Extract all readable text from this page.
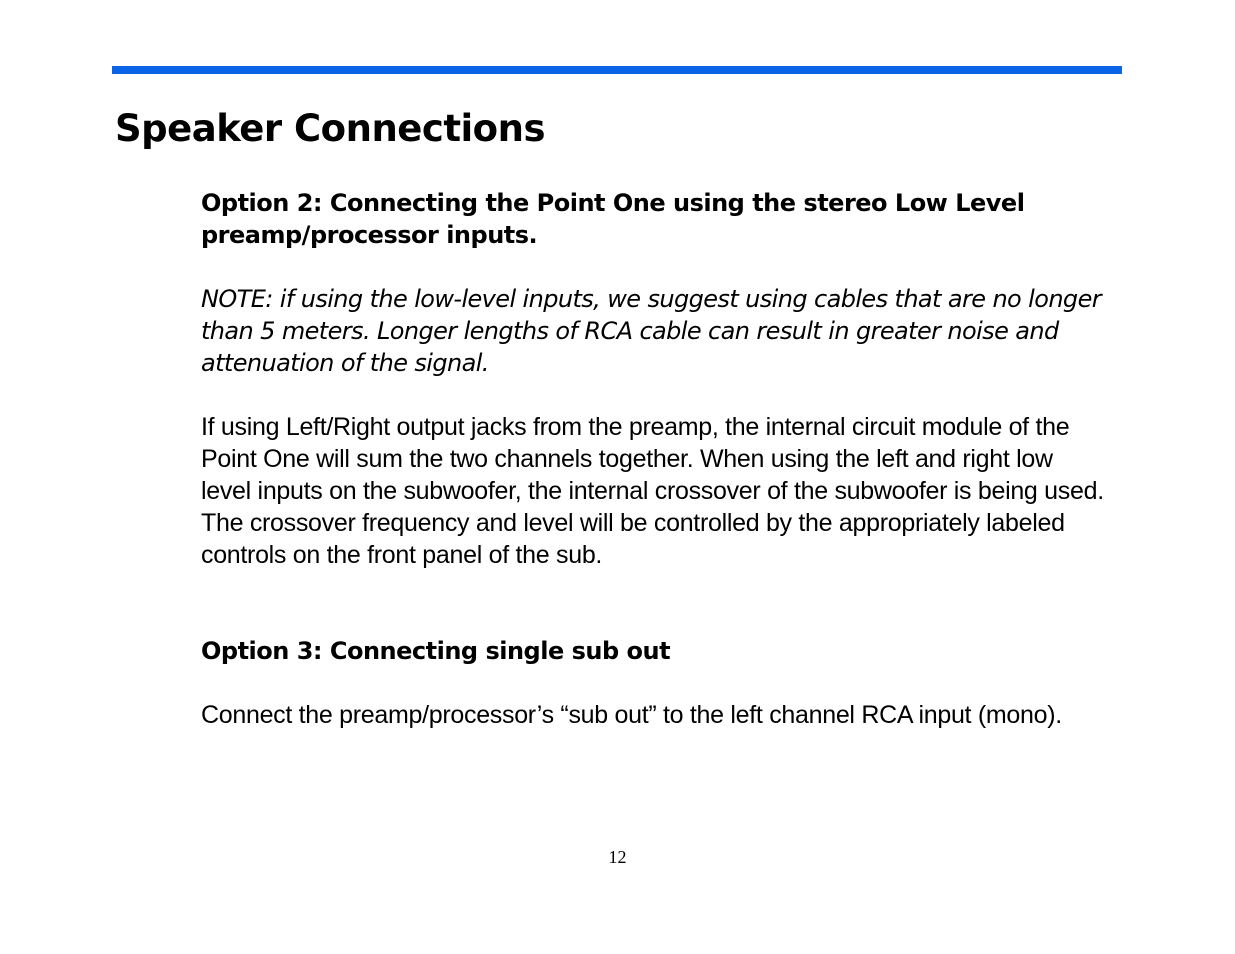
Speaker Connections

Option 2: Connecting the Point One using the stereo Low Level preamp/processor inputs.

NOTE: if using the low-level inputs, we suggest using cables that are no longer than 5 meters. Longer lengths of RCA cable can result in greater noise and attenuation of the signal.

If using Left/Right output jacks from the preamp, the internal circuit module of the Point One will sum the two channels together. When using the left and right low level inputs on the subwoofer, the internal crossover of the subwoofer is being used. The crossover frequency and level will be controlled by the appropriately labeled controls on the front panel of the sub.

Option 3: Connecting single sub out

Connect the preamp/processor’s “sub out” to the left channel RCA input (mono).

12
